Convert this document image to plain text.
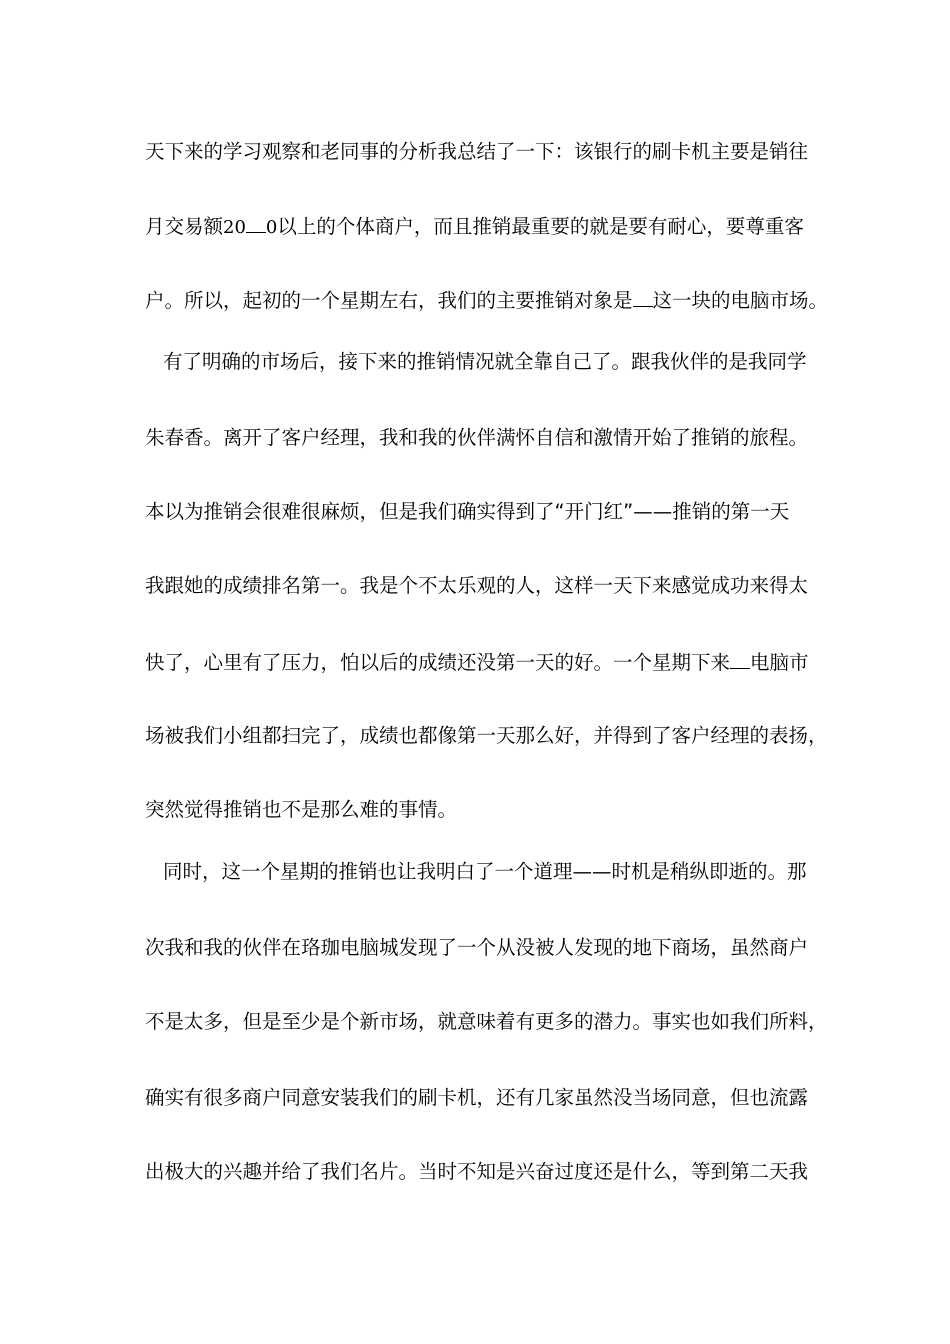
天下来的学习观察和老同事的分析我总结了一下：该银行的刷卡机主要是销往
月交易额20 0以上的个体商户，而且推销最重要的就是要有耐心，要尊重客
户。所以，起初的一个星期左右，我们的主要推销对象是 这一块的电脑市场。
有了明确的市场后，接下来的推销情况就全靠自己了。跟我伙伴的是我同学
朱春香。离开了客户经理，我和我的伙伴满怀自信和激情开始了推销的旅程。
本以为推销会很难很麻烦，但是我们确实得到了“开门红”——推销的第一天
我跟她的成绩排名第一。我是个不太乐观的人，这样一天下来感觉成功来得太
快了，心里有了压力，怕以后的成绩还没第一天的好。一个星期下来 电脑市
场被我们小组都扫完了，成绩也都像第一天那么好，并得到了客户经理的表扬，
突然觉得推销也不是那么难的事情。
同时，这一个星期的推销也让我明白了一个道理——时机是稍纵即逝的。那
次我和我的伙伴在珞珈电脑城发现了一个从没被人发现的地下商场，虽然商户
不是太多，但是至少是个新市场，就意味着有更多的潜力。事实也如我们所料，
确实有很多商户同意安装我们的刷卡机，还有几家虽然没当场同意，但也流露
出极大的兴趣并给了我们名片。当时不知是兴奋过度还是什么，等到第二天我
